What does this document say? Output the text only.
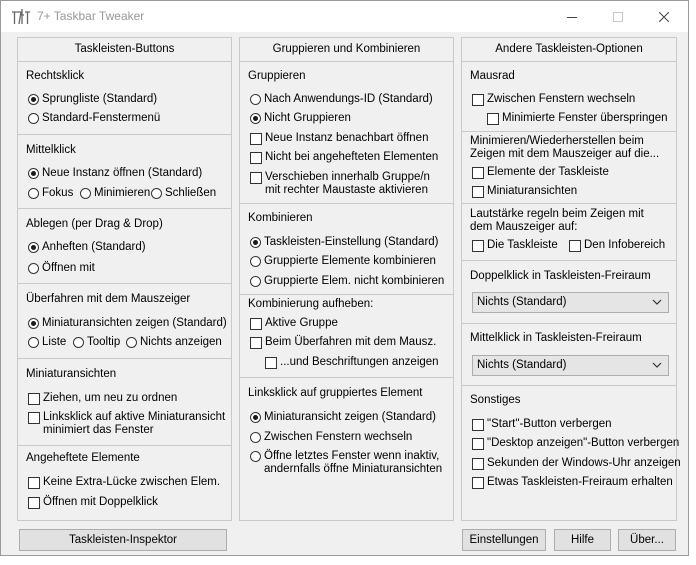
7+ Taskbar Tweaker
Taskleisten-Buttons
Rechtsklick
Sprungliste (Standard)
Standard-Fenstermenü
Mittelklick
Neue Instanz öffnen (Standard)
Fokus Minimieren Schließen
Ablegen (per Drag & Drop)
Anheften (Standard)
Öffnen mit
Überfahren mit dem Mauszeiger
Miniaturansichten zeigen (Standard)
Liste Tooltip Nichts anzeigen
Miniaturansichten
Ziehen, um neu zu ordnen
Linksklick auf aktive Miniaturansicht
minimiert das Fenster
Angeheftete Elemente
Keine Extra-Lücke zwischen Elem.
Öffnen mit Doppelklick
Gruppieren und Kombinieren
Gruppieren
Nach Anwendungs-ID (Standard)
Nicht Gruppieren
Neue Instanz benachbart öffnen
Nicht bei angehefteten Elementen
Verschieben innerhalb Gruppe/n
mit rechter Maustaste aktivieren
Kombinieren
Taskleisten-Einstellung (Standard)
Gruppierte Elemente kombinieren
Gruppierte Elem. nicht kombinieren
Kombinierung aufheben:
Aktive Gruppe
Beim Überfahren mit dem Mausz.
...und Beschriftungen anzeigen
Linksklick auf gruppiertes Element
Miniaturansicht zeigen (Standard)
Zwischen Fenstern wechseln
Öffne letztes Fenster wenn inaktiv,
andernfalls öffne Miniaturansichten
Andere Taskleisten-Optionen
Mausrad
Zwischen Fenstern wechseln
Minimierte Fenster überspringen
Minimieren/Wiederherstellen beim
Zeigen mit dem Mauszeiger auf die...
Elemente der Taskleiste
Miniaturansichten
Lautstärke regeln beim Zeigen mit
dem Mauszeiger auf:
Die Taskleiste Den Infobereich
Doppelklick in Taskleisten-Freiraum
Nichts (Standard)
Mittelklick in Taskleisten-Freiraum
Nichts (Standard)
Sonstiges
"Start"-Button verbergen
"Desktop anzeigen"-Button verbergen
Sekunden der Windows-Uhr anzeigen
Etwas Taskleisten-Freiraum erhalten
Taskleisten-Inspektor	Einstellungen	Hilfe	Über...
